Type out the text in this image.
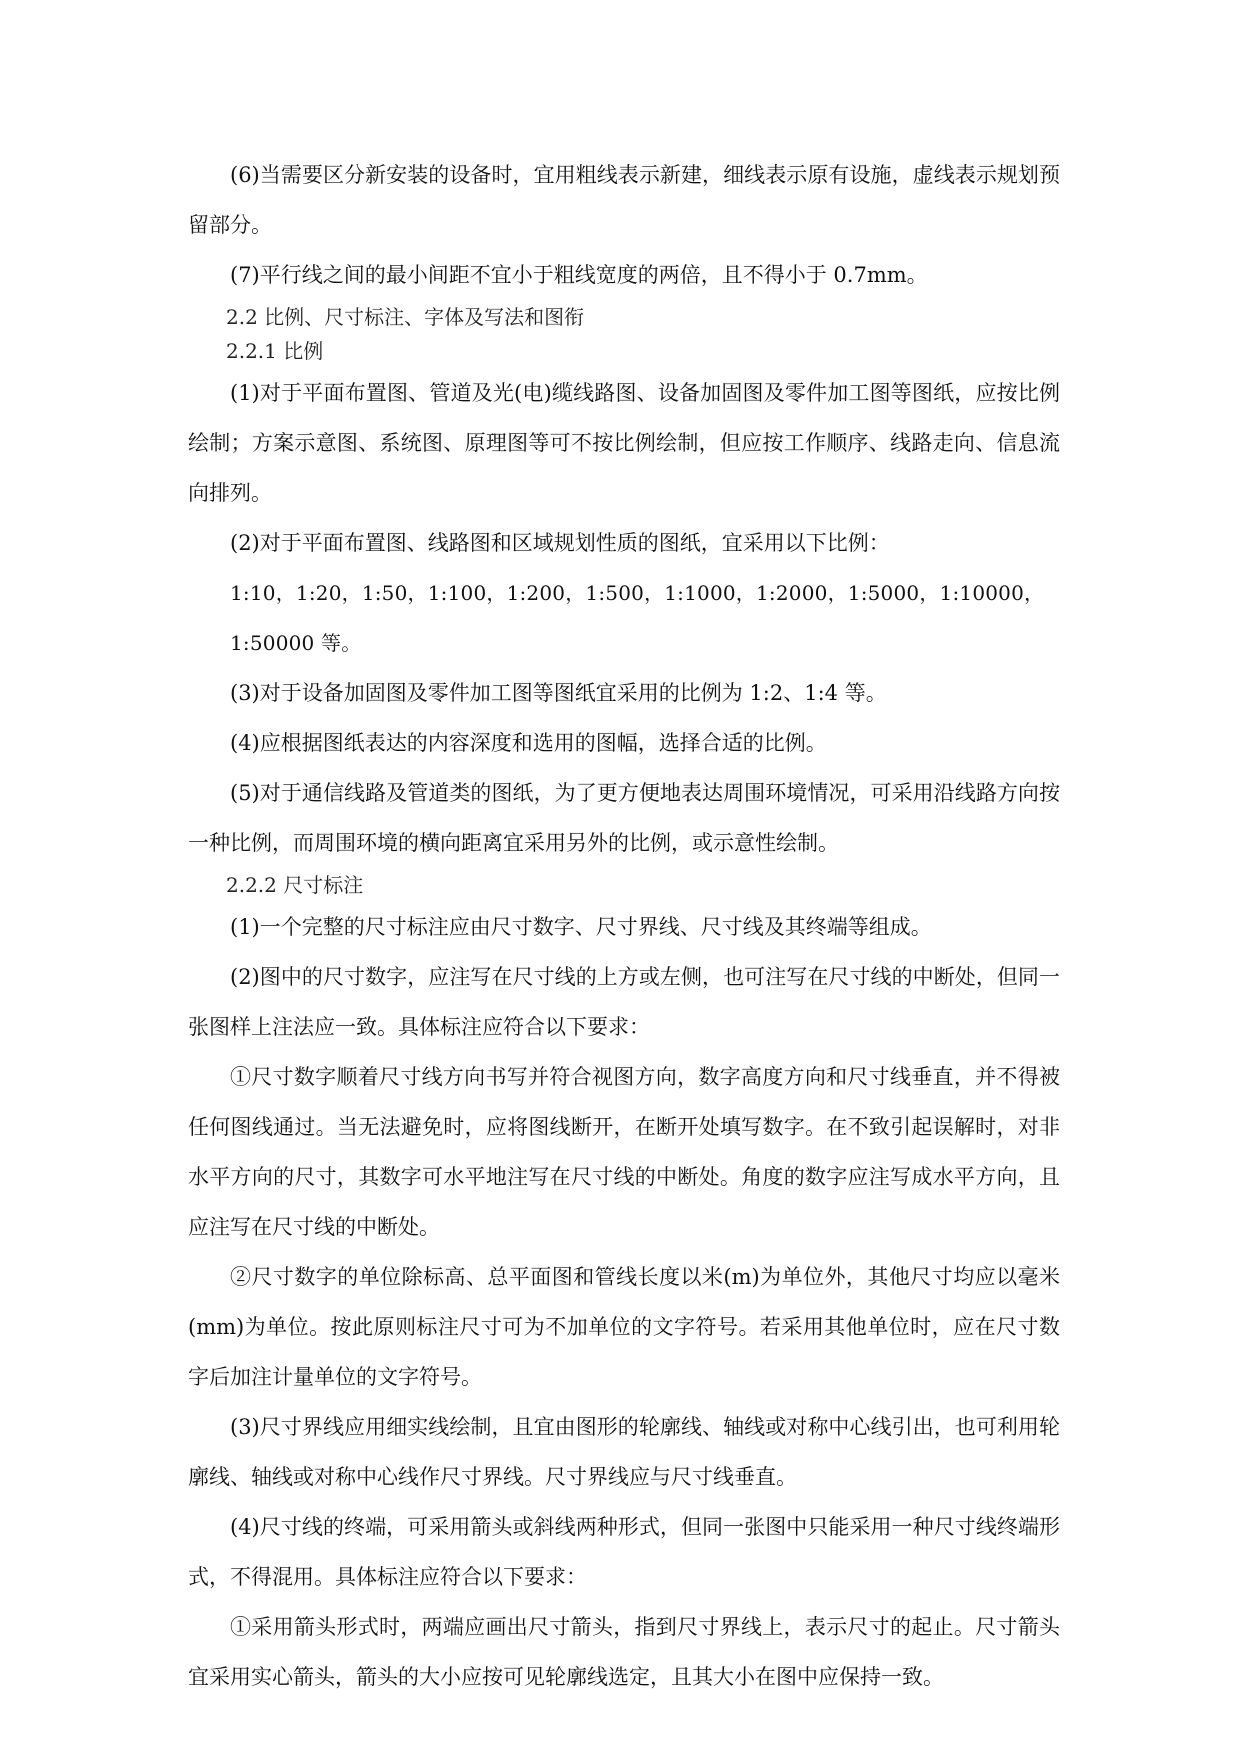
(6)当需要区分新安装的设备时，宜用粗线表示新建，细线表示原有设施，虚线表示规划预留部分。

(7)平行线之间的最小间距不宜小于粗线宽度的两倍，且不得小于 0.7mm。

2.2 比例、尺寸标注、字体及写法和图衔

2.2.1 比例

(1)对于平面布置图、管道及光(电)缆线路图、设备加固图及零件加工图等图纸，应按比例绘制；方案示意图、系统图、原理图等可不按比例绘制，但应按工作顺序、线路走向、信息流向排列。

(2)对于平面布置图、线路图和区域规划性质的图纸，宜采用以下比例：

1:10，1:20，1:50，1:100，1:200，1:500，1:1000，1:2000，1:5000，1:10000，1:50000 等。

(3)对于设备加固图及零件加工图等图纸宜采用的比例为 1:2、1:4 等。

(4)应根据图纸表达的内容深度和选用的图幅，选择合适的比例。

(5)对于通信线路及管道类的图纸，为了更方便地表达周围环境情况，可采用沿线路方向按一种比例，而周围环境的横向距离宜采用另外的比例，或示意性绘制。

2.2.2 尺寸标注

(1)一个完整的尺寸标注应由尺寸数字、尺寸界线、尺寸线及其终端等组成。

(2)图中的尺寸数字，应注写在尺寸线的上方或左侧，也可注写在尺寸线的中断处，但同一张图样上注法应一致。具体标注应符合以下要求：

①尺寸数字顺着尺寸线方向书写并符合视图方向，数字高度方向和尺寸线垂直，并不得被任何图线通过。当无法避免时，应将图线断开，在断开处填写数字。在不致引起误解时，对非水平方向的尺寸，其数字可水平地注写在尺寸线的中断处。角度的数字应注写成水平方向，且应注写在尺寸线的中断处。

②尺寸数字的单位除标高、总平面图和管线长度以米(m)为单位外，其他尺寸均应以毫米(mm)为单位。按此原则标注尺寸可为不加单位的文字符号。若采用其他单位时，应在尺寸数字后加注计量单位的文字符号。

(3)尺寸界线应用细实线绘制，且宜由图形的轮廓线、轴线或对称中心线引出，也可利用轮廓线、轴线或对称中心线作尺寸界线。尺寸界线应与尺寸线垂直。

(4)尺寸线的终端，可采用箭头或斜线两种形式，但同一张图中只能采用一种尺寸线终端形式，不得混用。具体标注应符合以下要求：

①采用箭头形式时，两端应画出尺寸箭头，指到尺寸界线上，表示尺寸的起止。尺寸箭头宜采用实心箭头，箭头的大小应按可见轮廓线选定，且其大小在图中应保持一致。
